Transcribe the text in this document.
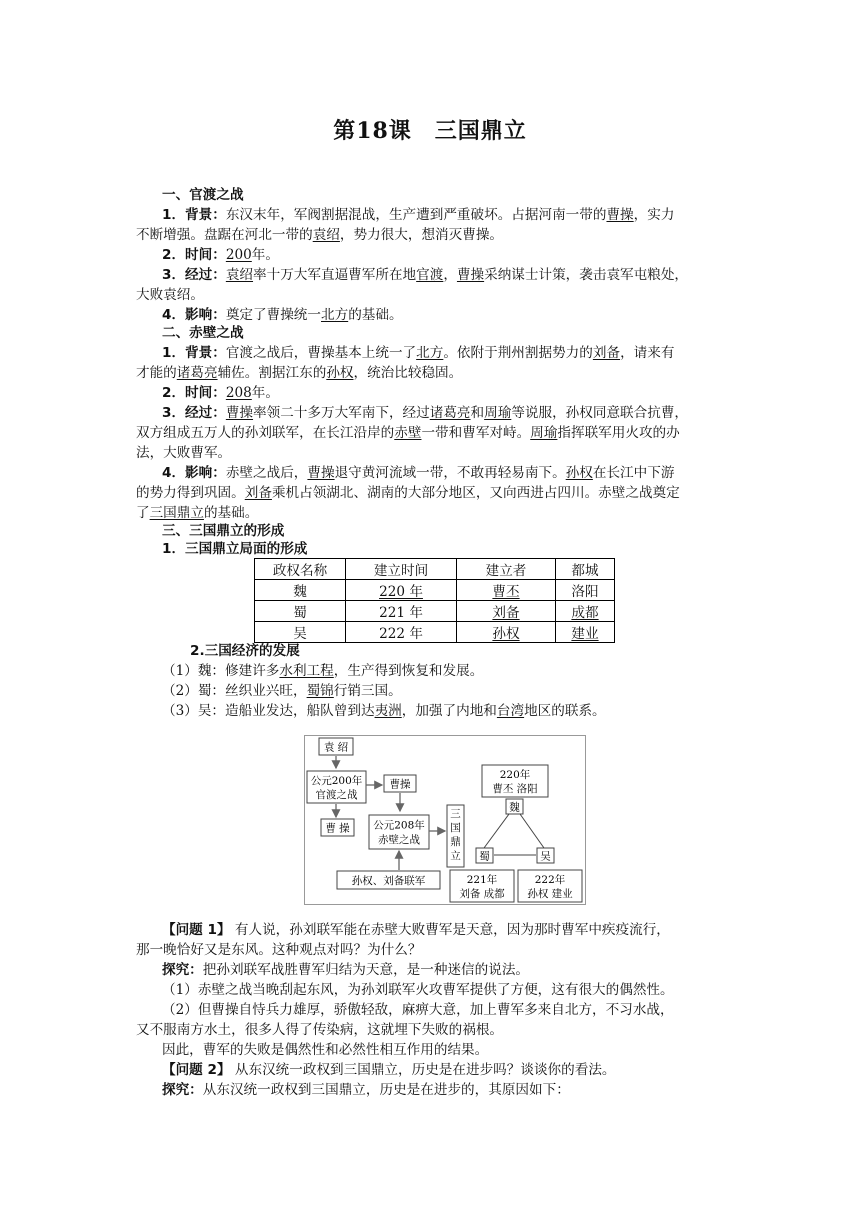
第18课　三国鼎立
一、官渡之战
1．背景：东汉末年，军阀割据混战，生产遭到严重破坏。占据河南一带的曹操，实力
不断增强。盘踞在河北一带的袁绍，势力很大，想消灭曹操。
2．时间：200年。
3．经过：袁绍率十万大军直逼曹军所在地官渡，曹操采纳谋士计策，袭击袁军屯粮处，
大败袁绍。
4．影响：奠定了曹操统一北方的基础。
二、赤壁之战
1．背景：官渡之战后，曹操基本上统一了北方。依附于荆州割据势力的刘备，请来有
才能的诸葛亮辅佐。割据江东的孙权，统治比较稳固。
2．时间：208年。
3．经过：曹操率领二十多万大军南下，经过诸葛亮和周瑜等说服，孙权同意联合抗曹，
双方组成五万人的孙刘联军，在长江沿岸的赤壁一带和曹军对峙。周瑜指挥联军用火攻的办
法，大败曹军。
4．影响：赤壁之战后，曹操退守黄河流域一带，不敢再轻易南下。孙权在长江中下游
的势力得到巩固。刘备乘机占领湖北、湖南的大部分地区，又向西进占四川。赤壁之战奠定
了三国鼎立的基础。
三、三国鼎立的形成
1．三国鼎立局面的形成
政权名称	建立时间	建立者	都城
魏	220 年	曹丕	洛阳
蜀	221 年	刘备	成都
吴	222 年	孙权	建业
2.三国经济的发展
（1）魏：修建许多水利工程，生产得到恢复和发展。
（2）蜀：丝织业兴旺，蜀锦行销三国。
（3）吴：造船业发达，船队曾到达夷洲，加强了内地和台湾地区的联系。
袁 绍
公元200年
官渡之战
曹操
曹 操 公元208年
赤壁之战
三
国
鼎
立
孙权、刘备联军
220年
曹丕 洛阳
魏
蜀	吴
221年
刘备 成都
222年
孙权 建业
【问题 1】 有人说，孙刘联军能在赤壁大败曹军是天意，因为那时曹军中疾疫流行，
那一晚恰好又是东风。这种观点对吗？为什么？
探究：把孙刘联军战胜曹军归结为天意，是一种迷信的说法。
（1）赤壁之战当晚刮起东风，为孙刘联军火攻曹军提供了方便，这有很大的偶然性。
（2）但曹操自恃兵力雄厚，骄傲轻敌，麻痹大意，加上曹军多来自北方，不习水战，
又不服南方水土，很多人得了传染病，这就埋下失败的祸根。
因此，曹军的失败是偶然性和必然性相互作用的结果。
【问题 2】 从东汉统一政权到三国鼎立，历史是在进步吗？谈谈你的看法。
探究：从东汉统一政权到三国鼎立，历史是在进步的，其原因如下：
